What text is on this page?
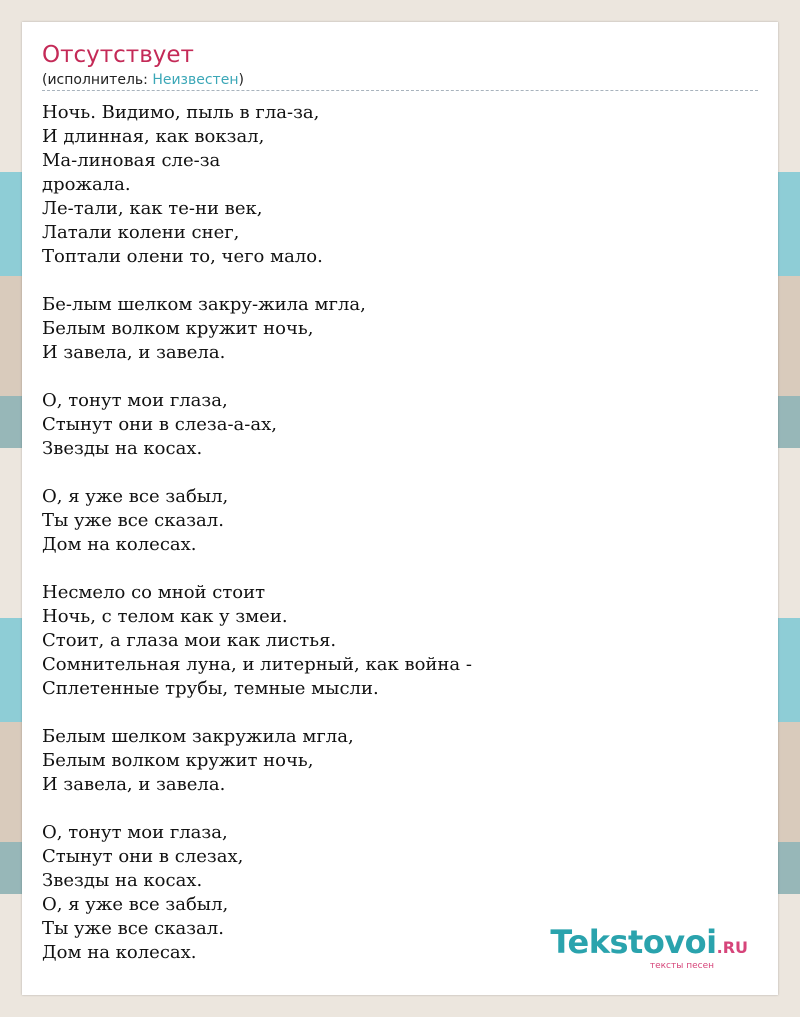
Отсутствует
(исполнитель: Неизвестен)
Ночь. Видимо, пыль в гла-за,
И длинная, как вокзал,
Ма-линовая сле-за
дрожала.
Ле-тали, как те-ни век,
Латали колени снег,
Топтали олени то, чего мало.

Бе-лым шелком закру-жила мгла,
Белым волком кружит ночь,
И завела, и завела.

О, тонут мои глаза,
Стынут они в слеза-а-ах,
Звезды на косах.

О, я уже все забыл,
Ты уже все сказал.
Дом на колесах.

Несмело со мной стоит
Ночь, с телом как у змеи.
Стоит, а глаза мои как листья.
Сомнительная луна, и литерный, как война -
Сплетенные трубы, темные мысли.

Белым шелком закружила мгла,
Белым волком кружит ночь,
И завела, и завела.

О, тонут мои глаза,
Стынут они в слезах,
Звезды на косах.
О, я уже все забыл,
Ты уже все сказал.
Дом на колесах.	Tekstovoi.RU
тексты песен
